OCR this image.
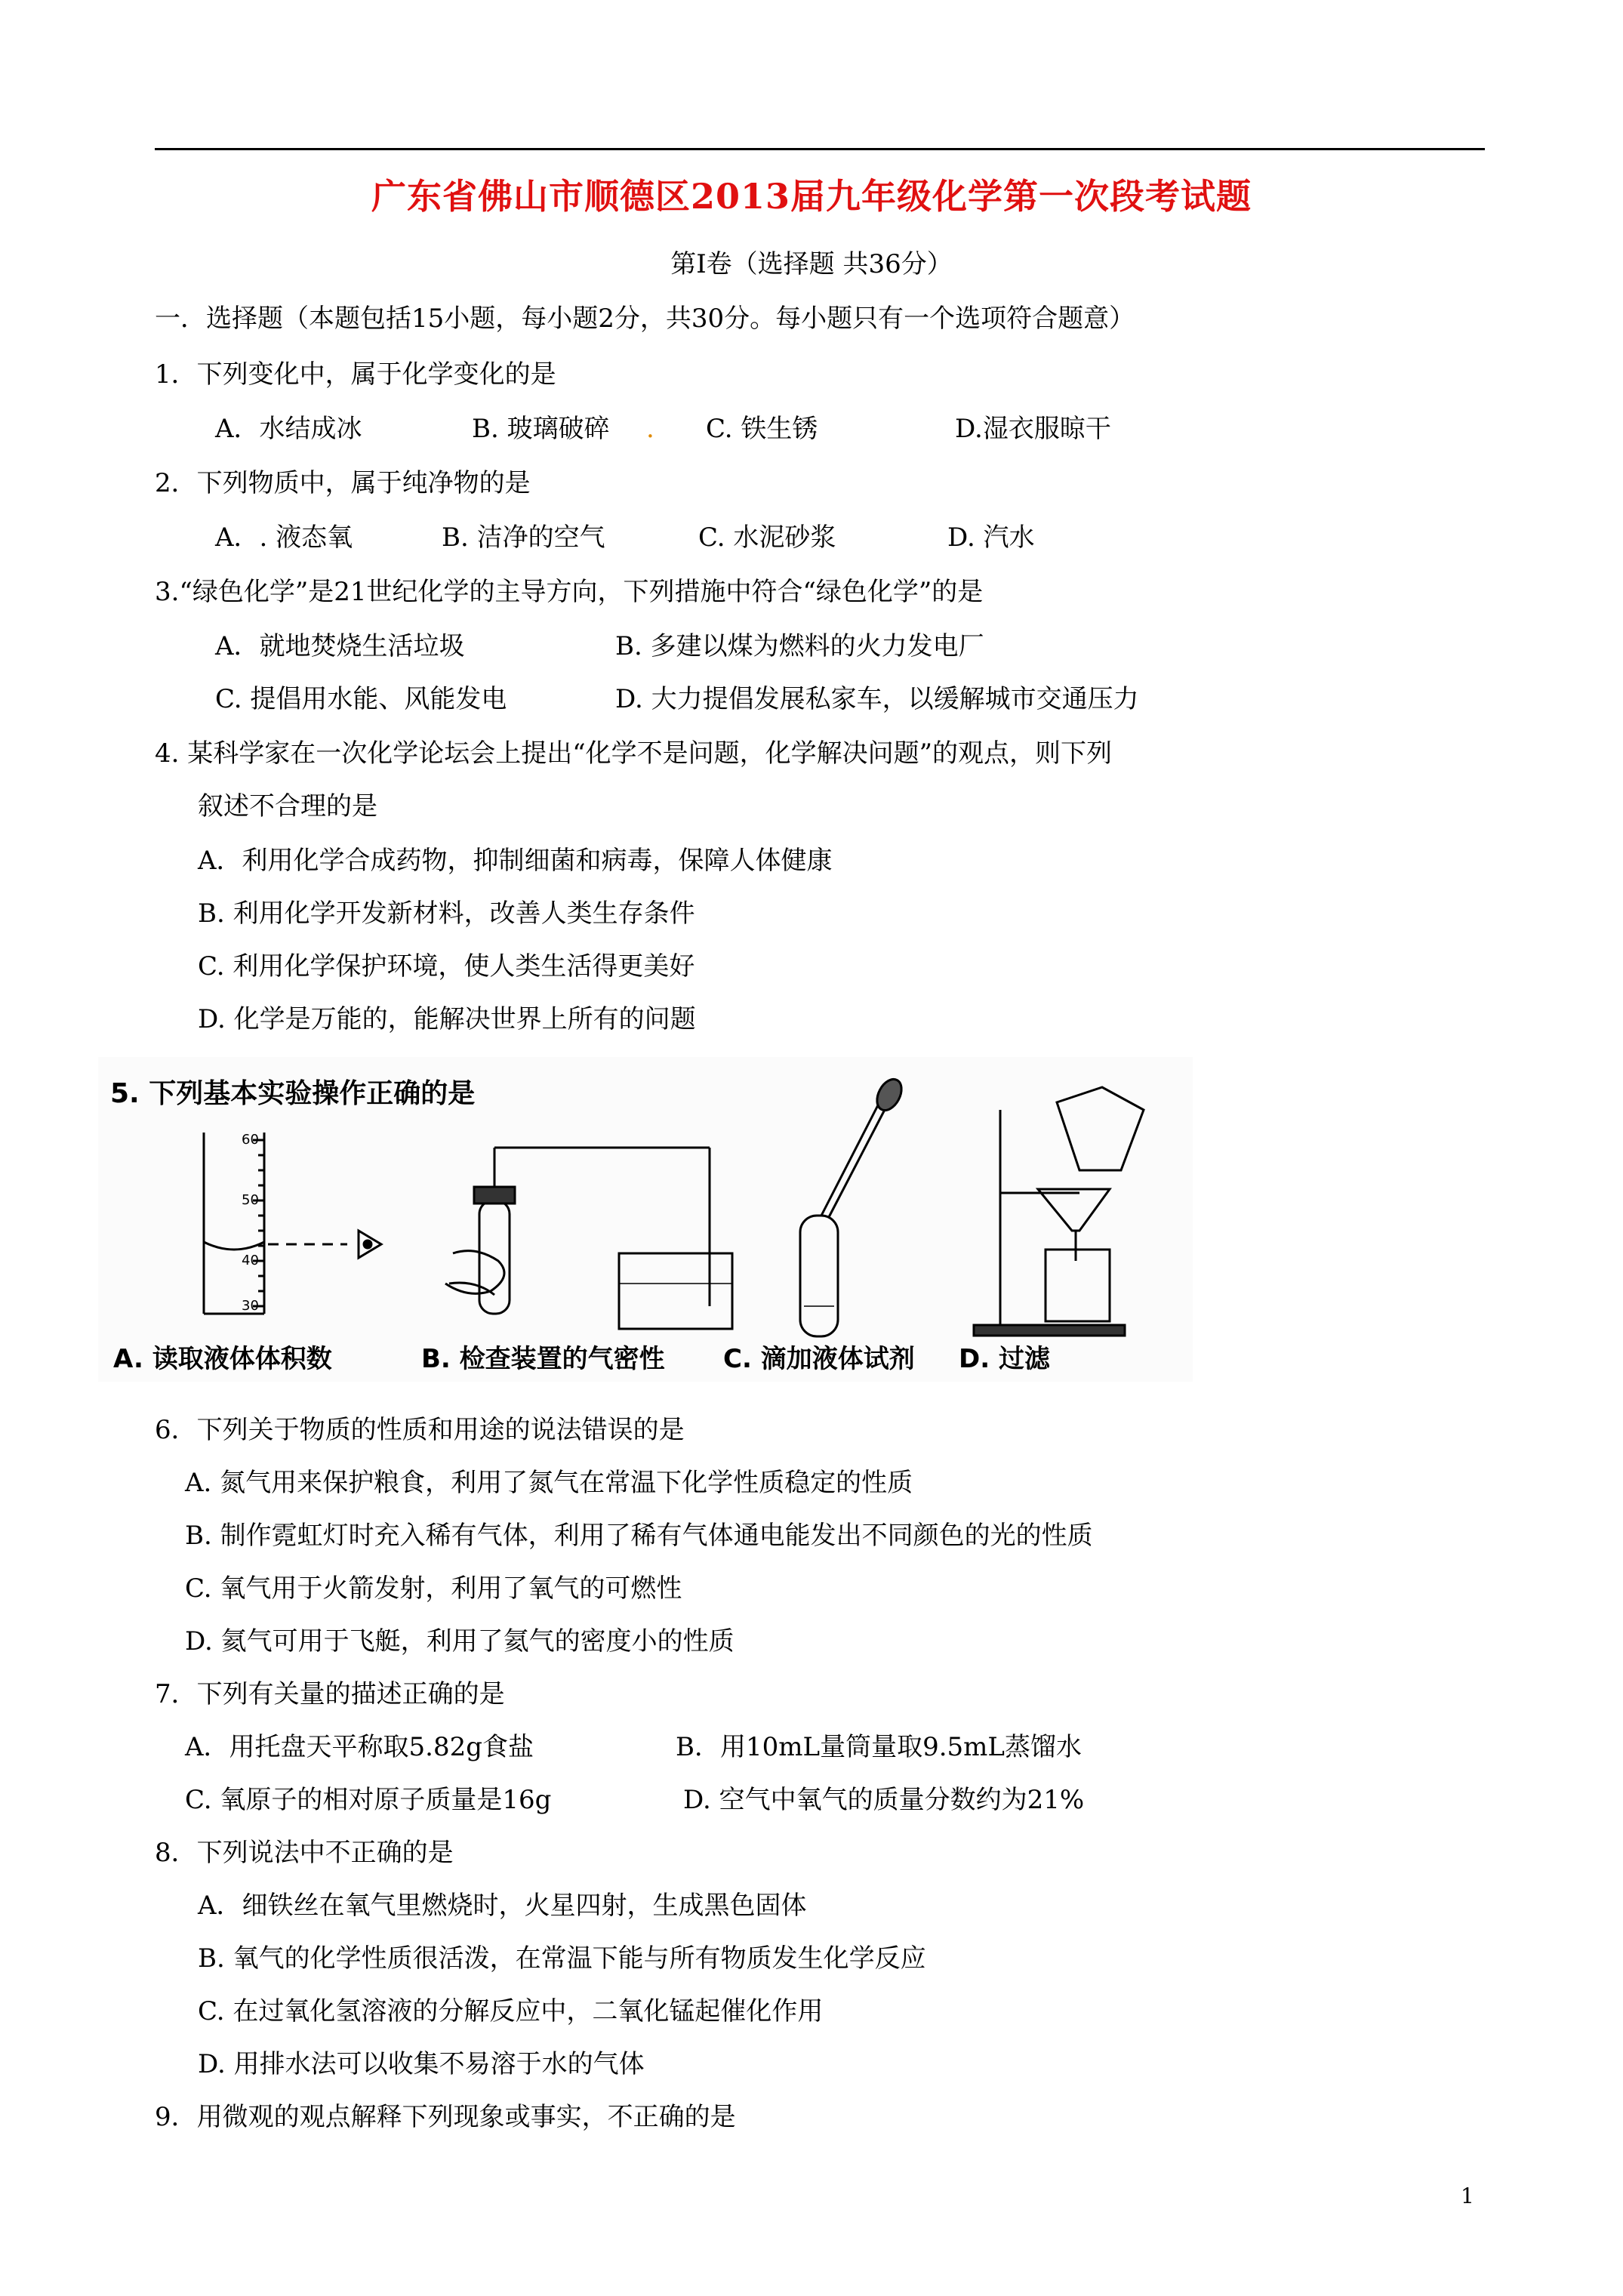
广东省佛山市顺德区2013届九年级化学第一次段考试题
第Ⅰ卷（选择题 共36分）
一．选择题（本题包括15小题，每小题2分，共30分。每小题只有一个选项符合题意）
1．下列变化中，属于化学变化的是
A．水结成冰	B. 玻璃破碎 . C. 铁生锈	D.湿衣服晾干
2．下列物质中，属于纯净物的是
A．. 液态氧	B. 洁净的空气	C. 水泥砂浆	D. 汽水
3.“绿色化学”是21世纪化学的主导方向，下列措施中符合“绿色化学”的是
A．就地焚烧生活垃圾	B. 多建以煤为燃料的火力发电厂
C. 提倡用水能、风能发电	D. 大力提倡发展私家车，以缓解城市交通压力
4. 某科学家在一次化学论坛会上提出“化学不是问题，化学解决问题”的观点，则下列
叙述不合理的是
A．利用化学合成药物，抑制细菌和病毒，保障人体健康
B. 利用化学开发新材料，改善人类生存条件
C. 利用化学保护环境，使人类生活得更美好
D. 化学是万能的，能解决世界上所有的问题
5. 下列基本实验操作正确的是
60
50
40
30
A. 读取液体体积数	B. 检查装置的气密性 C. 滴加液体试剂 D. 过滤
6．下列关于物质的性质和用途的说法错误的是
A. 氮气用来保护粮食，利用了氮气在常温下化学性质稳定的性质
B. 制作霓虹灯时充入稀有气体，利用了稀有气体通电能发出不同颜色的光的性质
C. 氧气用于火箭发射，利用了氧气的可燃性
D. 氦气可用于飞艇，利用了氦气的密度小的性质
7．下列有关量的描述正确的是
A．用托盘天平称取5.82g食盐	B．用10mL量筒量取9.5mL蒸馏水
C. 氧原子的相对原子质量是16g	D. 空气中氧气的质量分数约为21%
8．下列说法中不正确的是
A．细铁丝在氧气里燃烧时，火星四射，生成黑色固体
B. 氧气的化学性质很活泼，在常温下能与所有物质发生化学反应
C. 在过氧化氢溶液的分解反应中，二氧化锰起催化作用
D. 用排水法可以收集不易溶于水的气体
9．用微观的观点解释下列现象或事实，不正确的是
1
